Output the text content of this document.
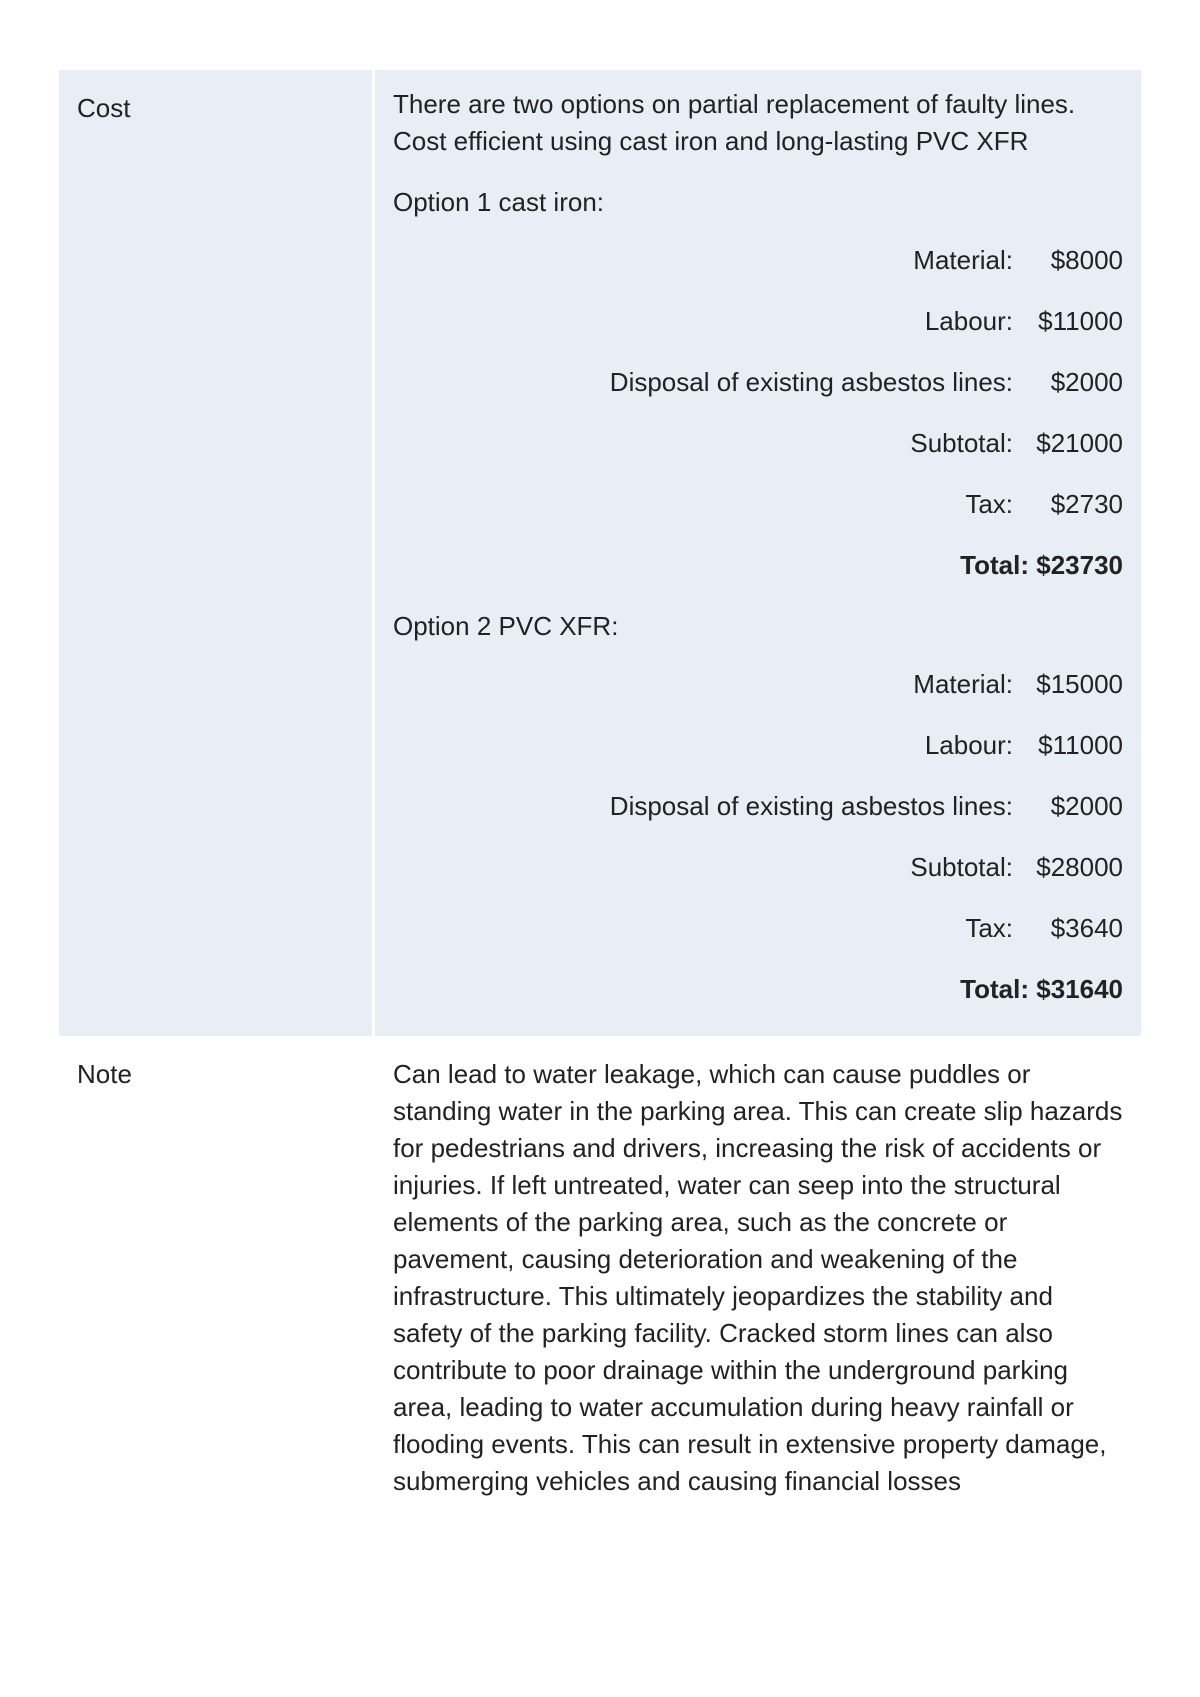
Cost	There are two options on partial replacement of faulty lines. Cost efficient using cast iron and long-lasting PVC XFR

Option 1 cast iron:
Material:	$8000
Labour: $11000
Disposal of existing asbestos lines:	$2000
Subtotal: $21000
Tax:	$2730
Total: $23730
Option 2 PVC XFR:
Material: $15000
Labour: $11000
Disposal of existing asbestos lines:	$2000
Subtotal: $28000
Tax:	$3640
Total: $31640
Note	Can lead to water leakage, which can cause puddles or standing water in the parking area. This can create slip hazards for pedestrians and drivers, increasing the risk of accidents or injuries. If left untreated, water can seep into the structural elements of the parking area, such as the concrete or pavement, causing deterioration and weakening of the infrastructure. This ultimately jeopardizes the stability and safety of the parking facility. Cracked storm lines can also contribute to poor drainage within the underground parking area, leading to water accumulation during heavy rainfall or flooding events. This can result in extensive property damage, submerging vehicles and causing financial losses
